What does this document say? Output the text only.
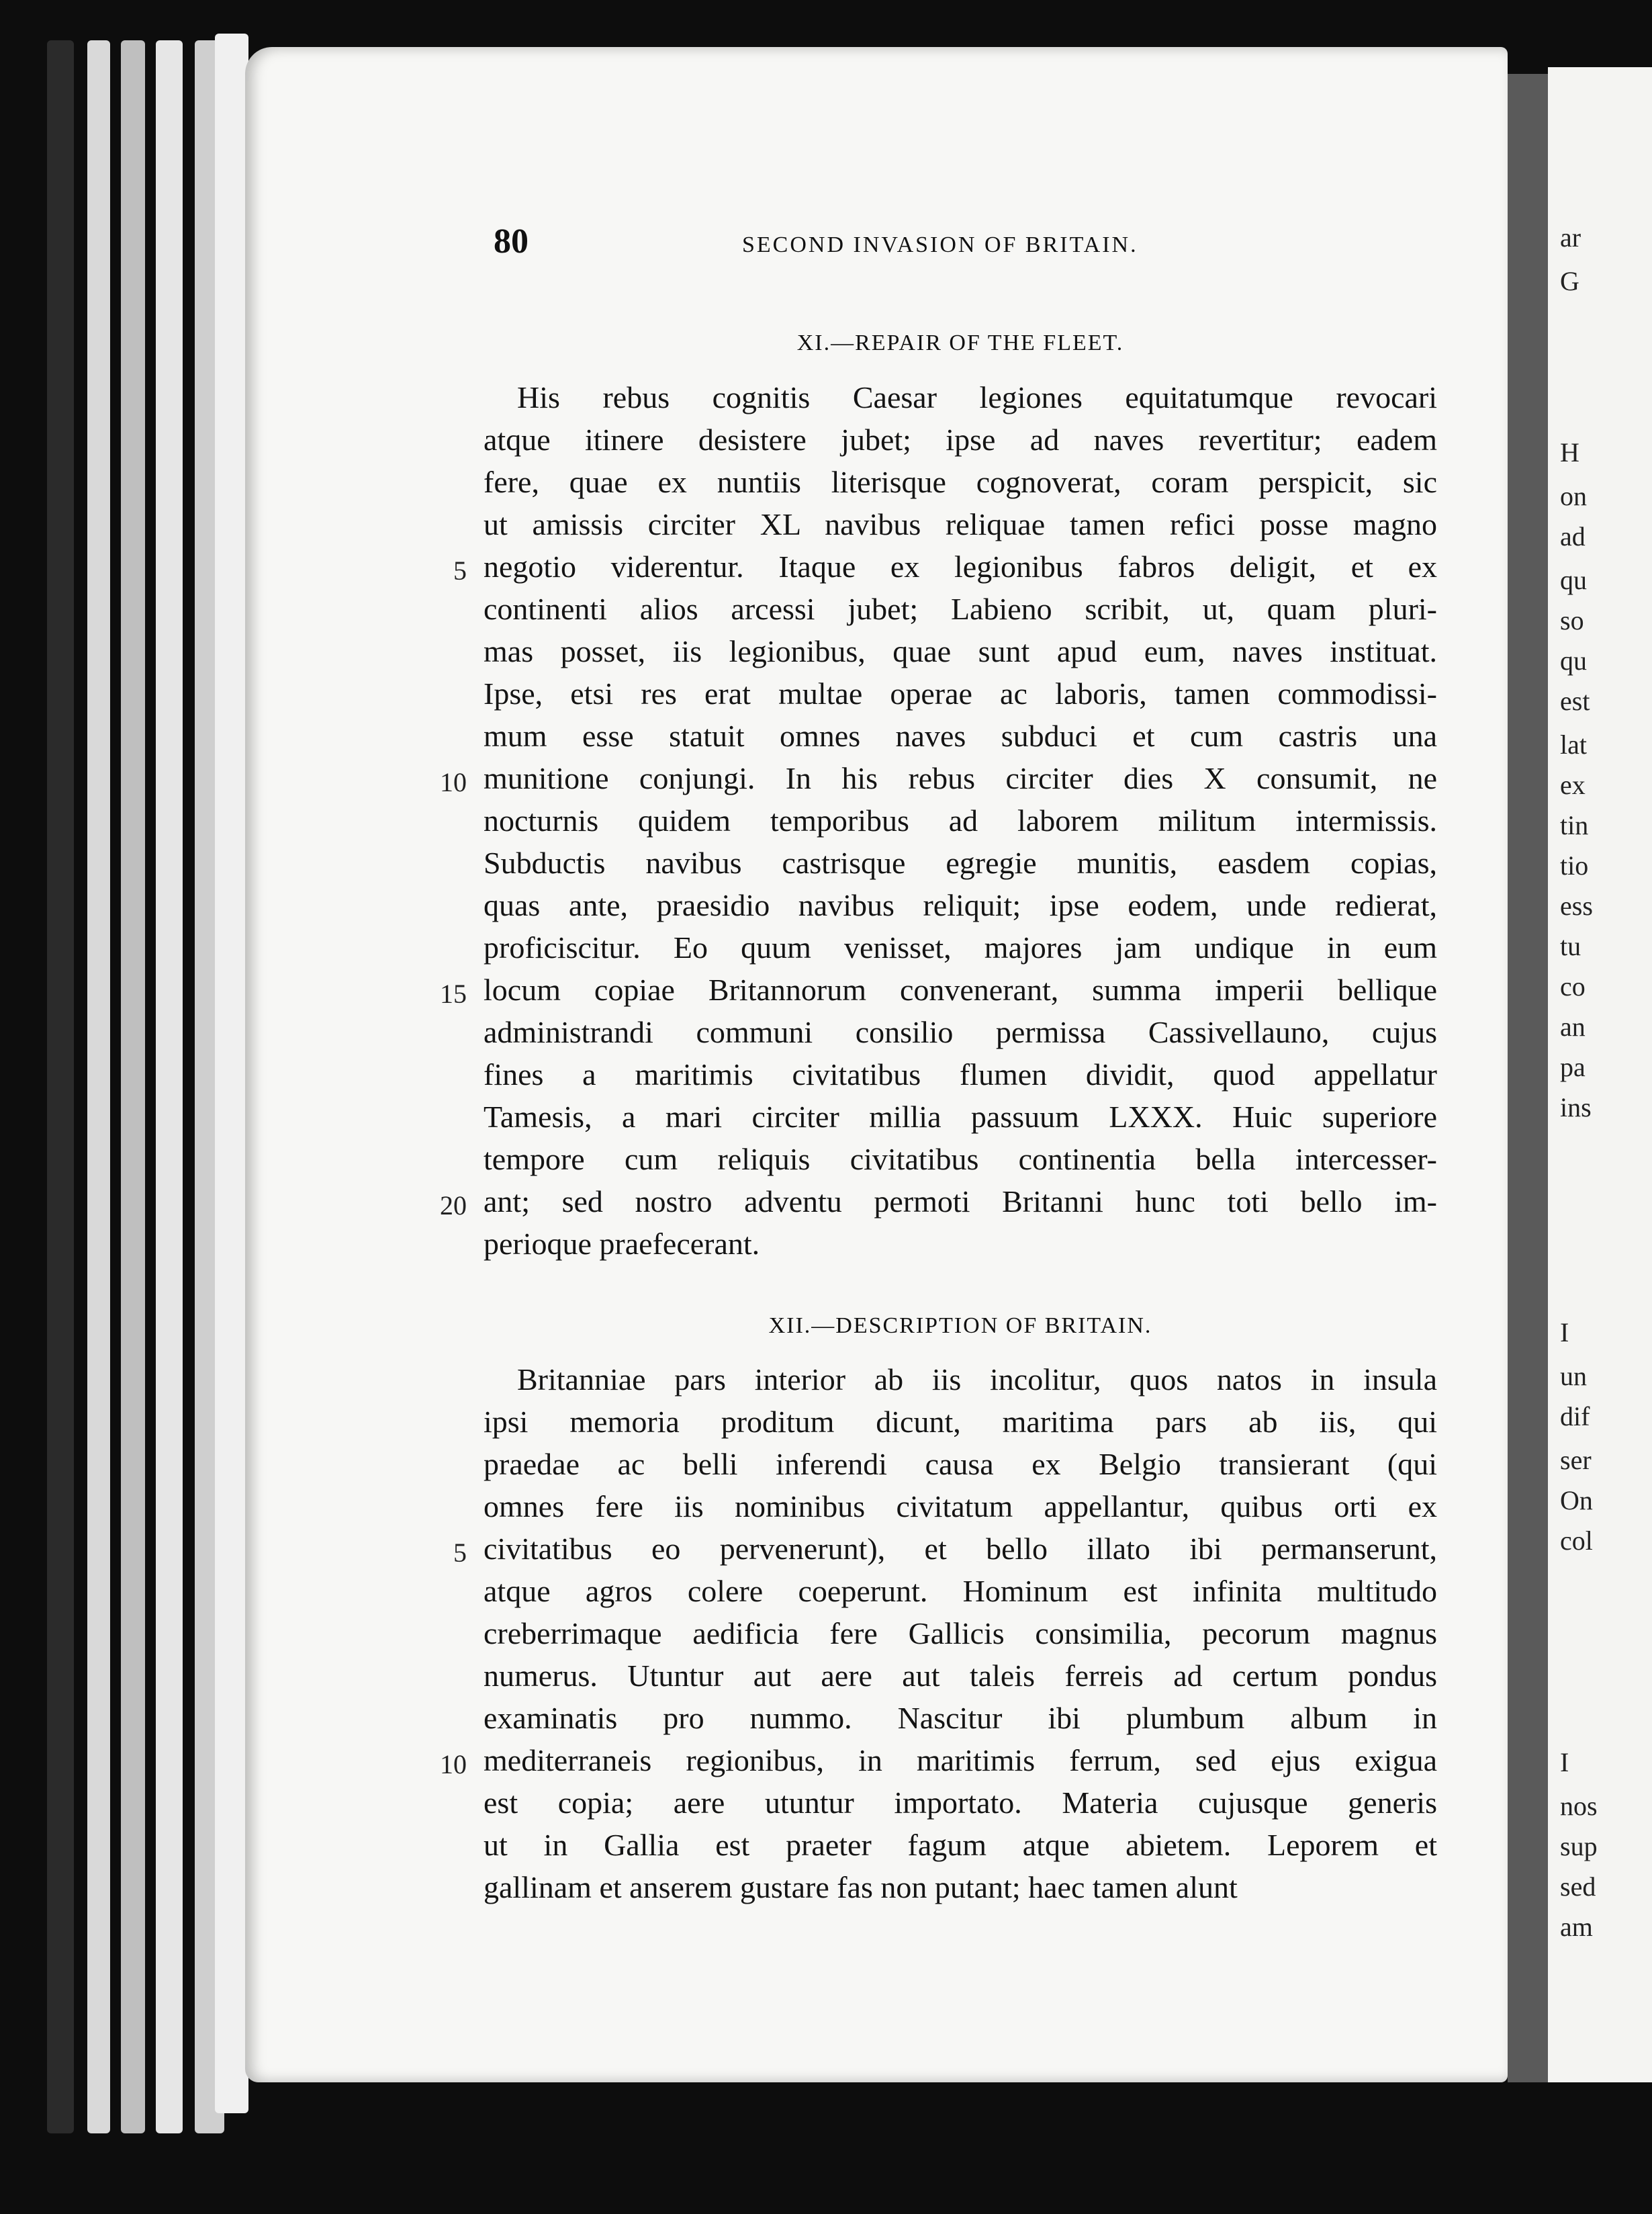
ar
G
H
on
ad
qu
so
qu
est
lat
ex
tin
tio
ess
tu
co
an
pa
ins
I
un
dif
ser
On
col
I
nos
sup
sed
am
80	SECOND INVASION OF BRITAIN.
XI.—REPAIR OF THE FLEET.
His rebus cognitis Caesar legiones equitatumque revocari
atque itinere desistere jubet; ipse ad naves revertitur; eadem
fere, quae ex nuntiis literisque cognoverat, coram perspicit, sic
ut amissis circiter XL navibus reliquae tamen refici posse magno
negotio viderentur. Itaque ex legionibus fabros deligit, et ex
5
continenti alios arcessi jubet; Labieno scribit, ut, quam pluri-
mas posset, iis legionibus, quae sunt apud eum, naves instituat.
Ipse, etsi res erat multae operae ac laboris, tamen commodissi-
mum esse statuit omnes naves subduci et cum castris una
munitione conjungi. In his rebus circiter dies X consumit, ne
10
nocturnis quidem temporibus ad laborem militum intermissis.
Subductis navibus castrisque egregie munitis, easdem copias,
quas ante, praesidio navibus reliquit; ipse eodem, unde redierat,
proficiscitur. Eo quum venisset, majores jam undique in eum
locum copiae Britannorum convenerant, summa imperii bellique
15
administrandi communi consilio permissa Cassivellauno, cujus
fines a maritimis civitatibus flumen dividit, quod appellatur
Tamesis, a mari circiter millia passuum LXXX. Huic superiore
tempore cum reliquis civitatibus continentia bella intercesser-
ant; sed nostro adventu permoti Britanni hunc toti bello im-
20
perioque praefecerant.
XII.—DESCRIPTION OF BRITAIN.
Britanniae pars interior ab iis incolitur, quos natos in insula
ipsi memoria proditum dicunt, maritima pars ab iis, qui
praedae ac belli inferendi causa ex Belgio transierant (qui
omnes fere iis nominibus civitatum appellantur, quibus orti ex
civitatibus eo pervenerunt), et bello illato ibi permanserunt,
5
atque agros colere coeperunt. Hominum est infinita multitudo
creberrimaque aedificia fere Gallicis consimilia, pecorum magnus
numerus. Utuntur aut aere aut taleis ferreis ad certum pondus
examinatis pro nummo. Nascitur ibi plumbum album in
mediterraneis regionibus, in maritimis ferrum, sed ejus exigua
10
est copia; aere utuntur importato. Materia cujusque generis
ut in Gallia est praeter fagum atque abietem. Leporem et
gallinam et anserem gustare fas non putant; haec tamen alunt
